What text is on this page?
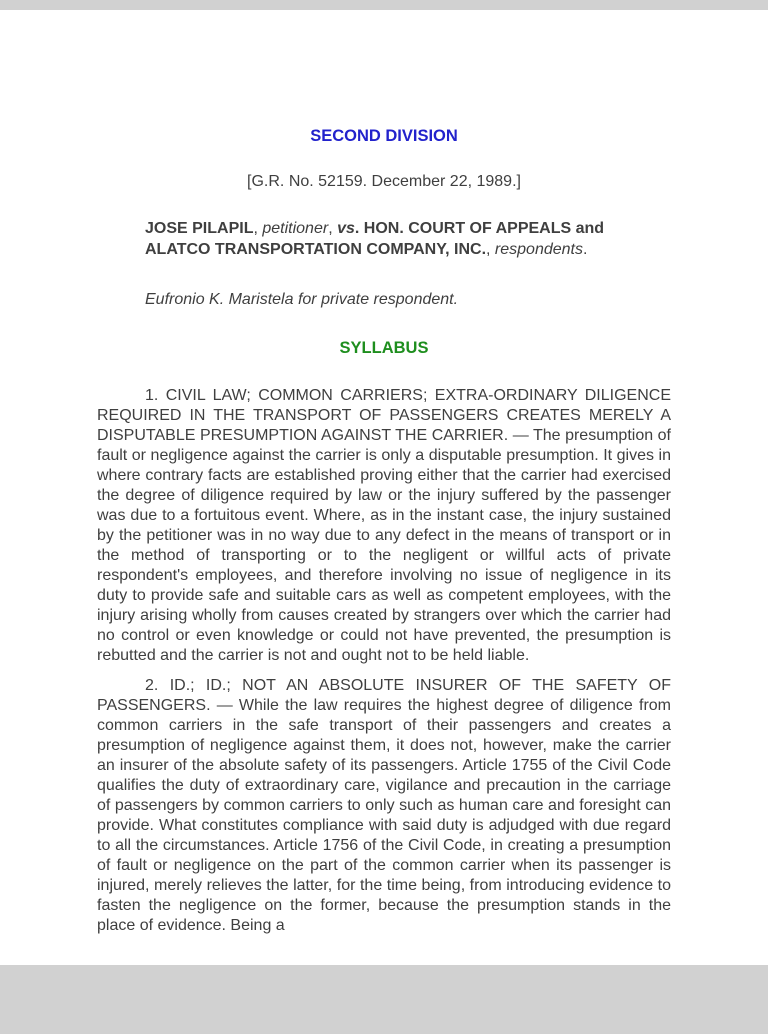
SECOND DIVISION

[G.R. No. 52159. December 22, 1989.]

JOSE PILAPIL, petitioner, vs. HON. COURT OF APPEALS and ALATCO TRANSPORTATION COMPANY, INC., respondents.

Eufronio K. Maristela for private respondent.

SYLLABUS

1. CIVIL LAW; COMMON CARRIERS; EXTRA-ORDINARY DILIGENCE REQUIRED IN THE TRANSPORT OF PASSENGERS CREATES MERELY A DISPUTABLE PRESUMPTION AGAINST THE CARRIER. — The presumption of fault or negligence against the carrier is only a disputable presumption. It gives in where contrary facts are established proving either that the carrier had exercised the degree of diligence required by law or the injury suffered by the passenger was due to a fortuitous event. Where, as in the instant case, the injury sustained by the petitioner was in no way due to any defect in the means of transport or in the method of transporting or to the negligent or willful acts of private respondent's employees, and therefore involving no issue of negligence in its duty to provide safe and suitable cars as well as competent employees, with the injury arising wholly from causes created by strangers over which the carrier had no control or even knowledge or could not have prevented, the presumption is rebutted and the carrier is not and ought not to be held liable.

2. ID.; ID.; NOT AN ABSOLUTE INSURER OF THE SAFETY OF PASSENGERS. — While the law requires the highest degree of diligence from common carriers in the safe transport of their passengers and creates a presumption of negligence against them, it does not, however, make the carrier an insurer of the absolute safety of its passengers. Article 1755 of the Civil Code qualifies the duty of extraordinary care, vigilance and precaution in the carriage of passengers by common carriers to only such as human care and foresight can provide. What constitutes compliance with said duty is adjudged with due regard to all the circumstances. Article 1756 of the Civil Code, in creating a presumption of fault or negligence on the part of the common carrier when its passenger is injured, merely relieves the latter, for the time being, from introducing evidence to fasten the negligence on the former, because the presumption stands in the place of evidence. Being a
